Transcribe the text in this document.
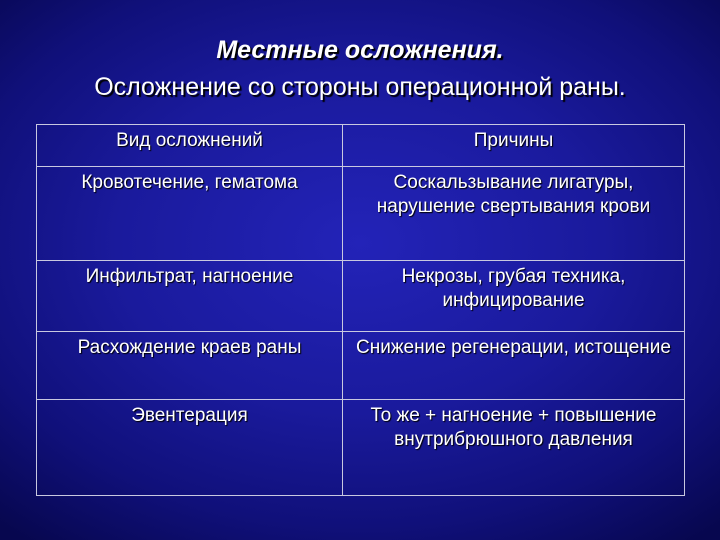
Местные осложнения.
Осложнение со стороны операционной раны.
Вид осложнений	Причины
Кровотечение, гематома	Соскальзывание лигатуры, нарушение свертывания крови
Инфильтрат, нагноение	Некрозы, грубая техника, инфицирование
Расхождение краев раны	Снижение регенерации, истощение
Эвентерация	То же + нагноение + повышение внутрибрюшного давления
